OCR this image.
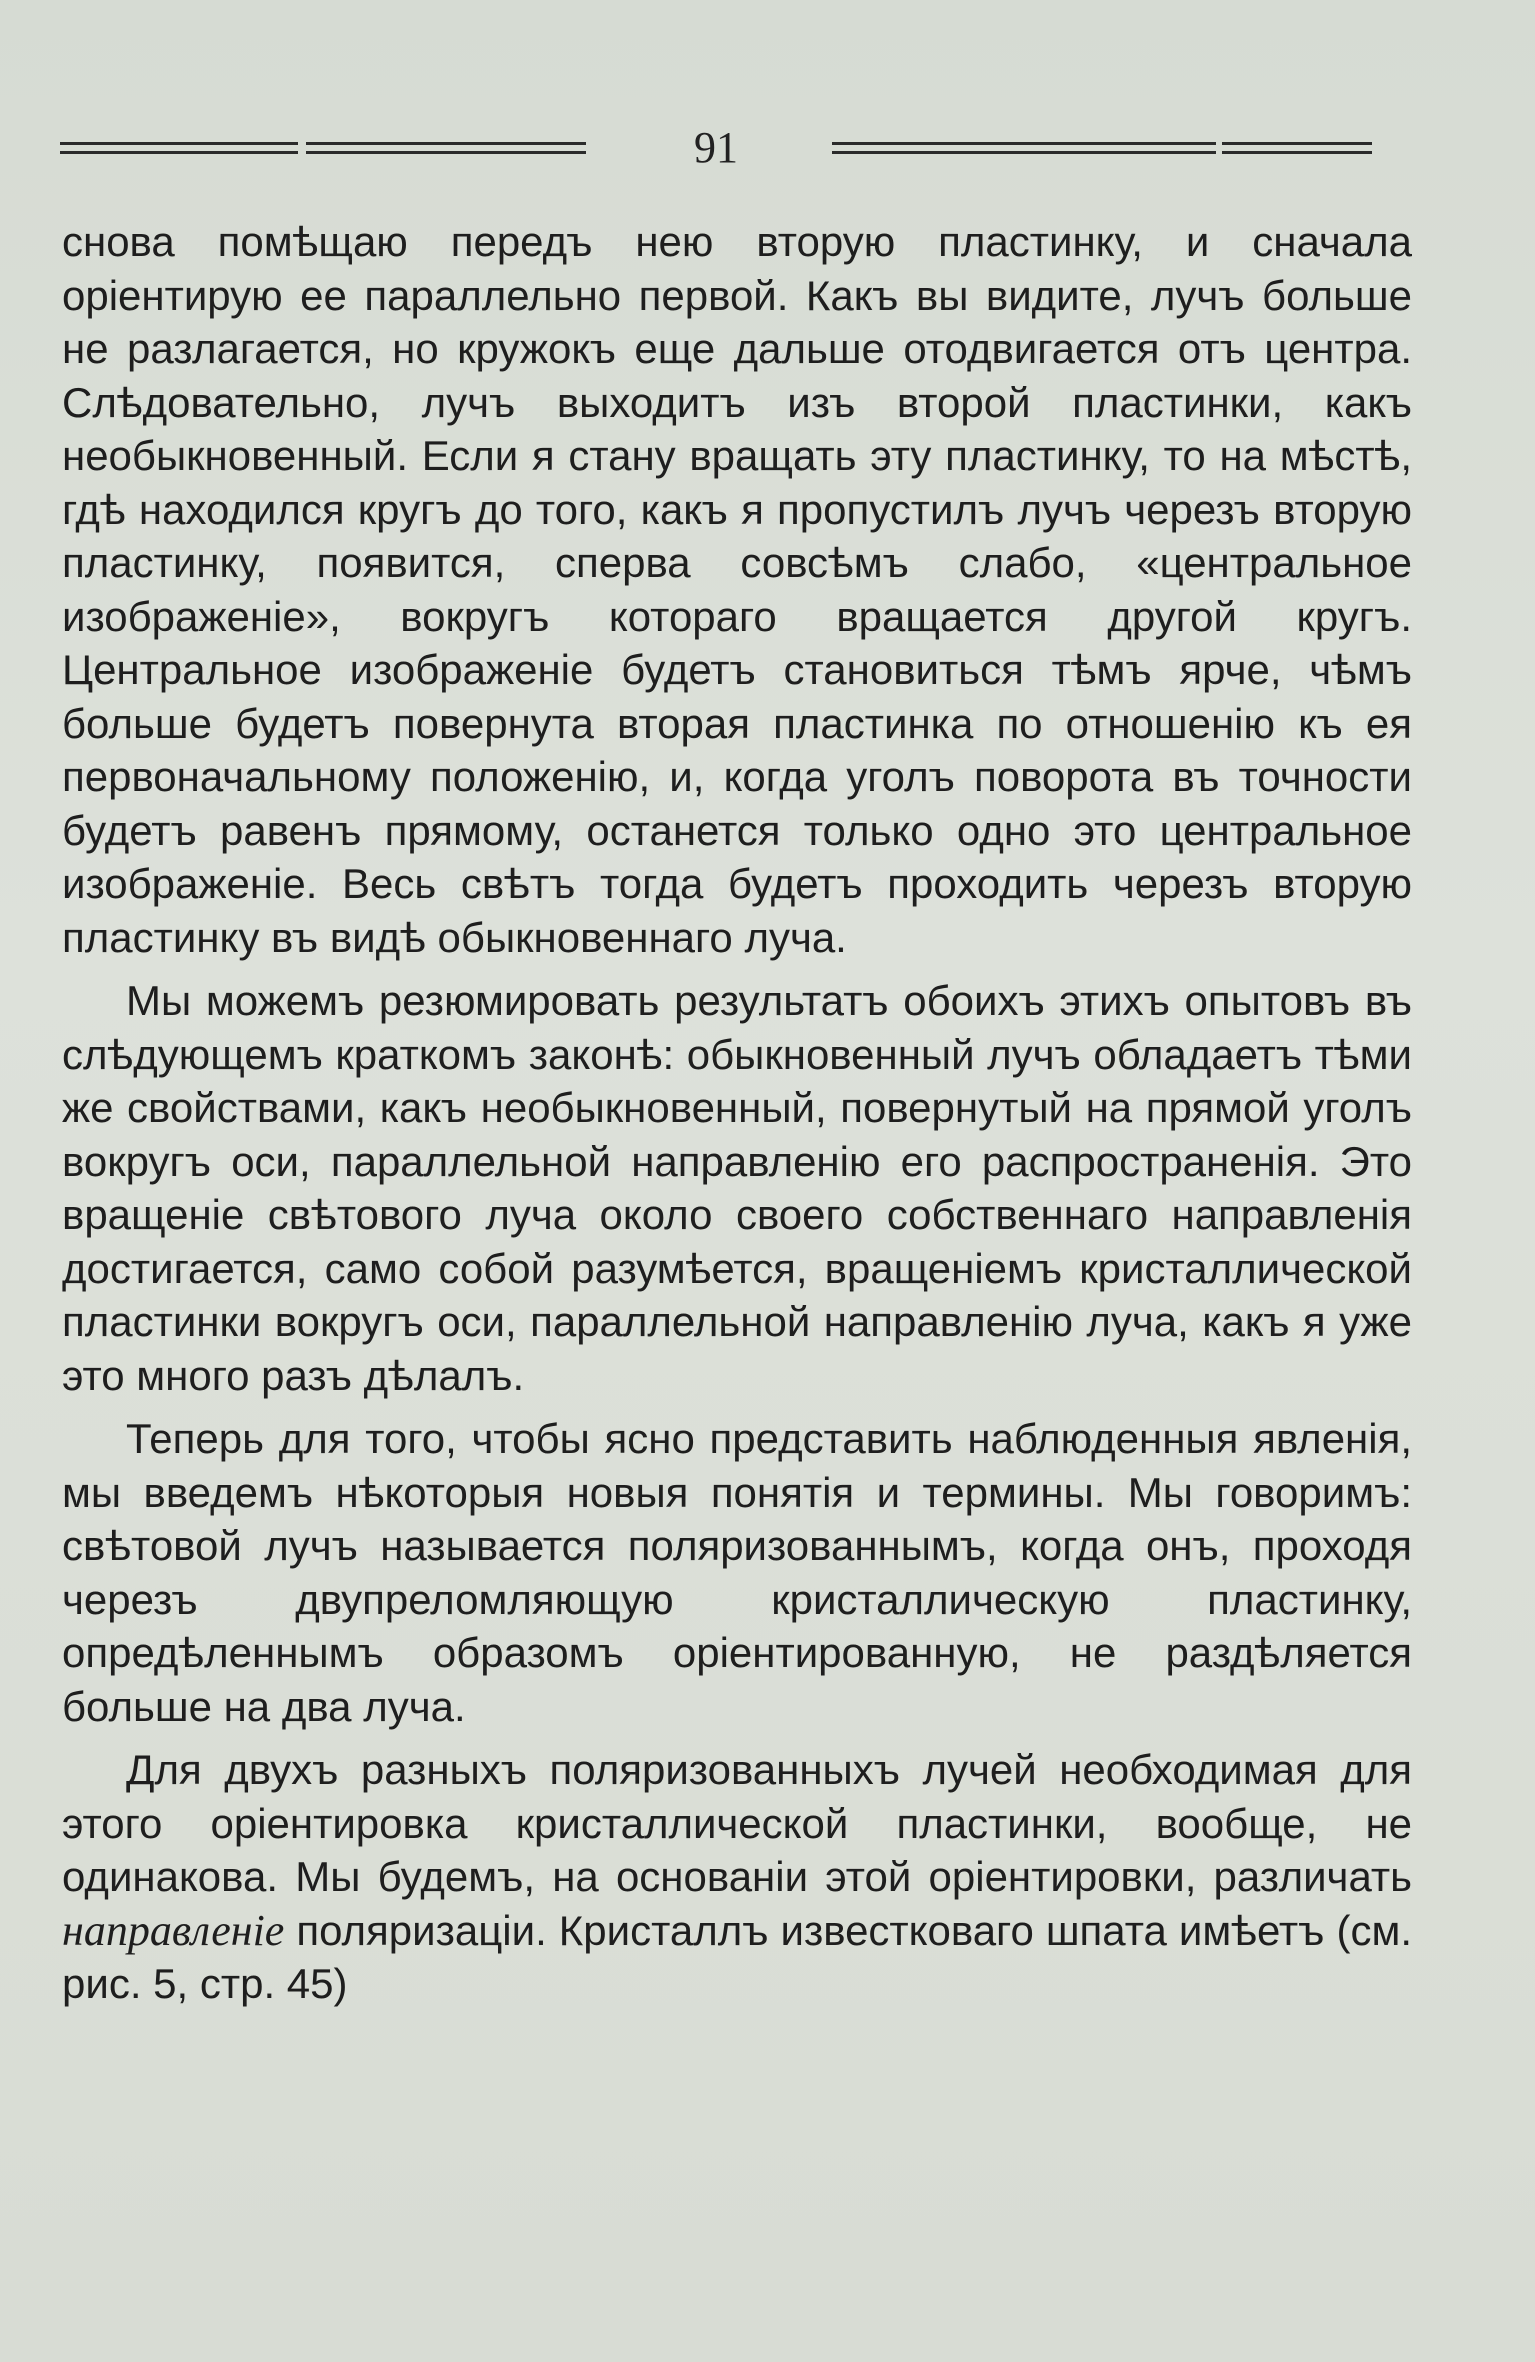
91

снова помѣщаю передъ нею вторую пластинку, и сначала оріентирую ее параллельно первой. Какъ вы видите, лучъ больше не разлагается, но кружокъ еще дальше отодвигается отъ центра. Слѣдовательно, лучъ выходитъ изъ второй пластинки, какъ необыкновенный. Если я стану вращать эту пластинку, то на мѣстѣ, гдѣ находился кругъ до того, какъ я пропустилъ лучъ черезъ вторую пластинку, появится, сперва совсѣмъ слабо, «центральное изображеніе», вокругъ котораго вращается другой кругъ. Центральное изображеніе будетъ становиться тѣмъ ярче, чѣмъ больше будетъ повернута вторая пластинка по отношенію къ ея первоначальному положенію, и, когда уголъ поворота въ точности будетъ равенъ прямому, останется только одно это центральное изображеніе. Весь свѣтъ тогда будетъ проходить черезъ вторую пластинку въ видѣ обыкновеннаго луча.

Мы можемъ резюмировать результатъ обоихъ этихъ опытовъ въ слѣдующемъ краткомъ законѣ: обыкновенный лучъ обладаетъ тѣми же свойствами, какъ необыкновенный, повернутый на прямой уголъ вокругъ оси, параллельной направленію его распространенія. Это вращеніе свѣтового луча около своего собственнаго направленія достигается, само собой разумѣется, вращеніемъ кристаллической пластинки вокругъ оси, параллельной направленію луча, какъ я уже это много разъ дѣлалъ.

Теперь для того, чтобы ясно представить наблюденныя явленія, мы введемъ нѣкоторыя новыя понятія и термины. Мы говоримъ: свѣтовой лучъ называется поляризованнымъ, когда онъ, проходя черезъ двупреломляющую кристаллическую пластинку, опредѣленнымъ образомъ оріентированную, не раздѣляется больше на два луча.

Для двухъ разныхъ поляризованныхъ лучей необходимая для этого оріентировка кристаллической пластинки, вообще, не одинакова. Мы будемъ, на основаніи этой оріентировки, различать направленіе поляризаціи. Кристаллъ известковаго шпата имѣетъ (см. рис. 5, стр. 45)
